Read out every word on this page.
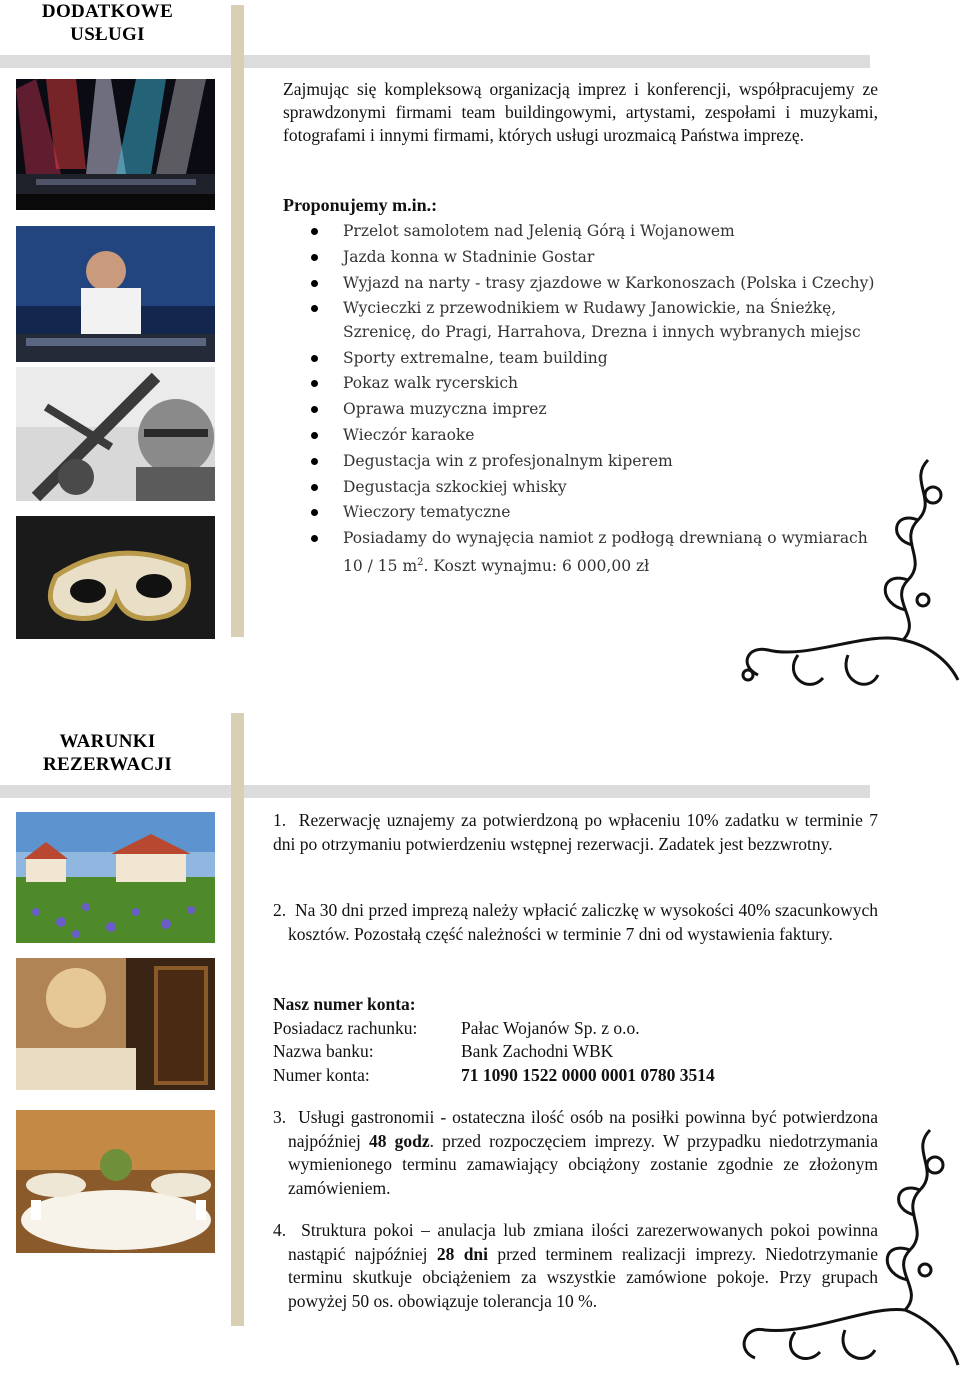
DODATKOWE
USŁUGI
Zajmując się kompleksową organizacją imprez i konferencji, współpracujemy ze sprawdzonymi firmami team buildingowymi, artystami, zespołami i muzykami, fotografami i innymi firmami, których usługi urozmaicą Państwa imprezę.
Proponujemy m.in.:
Przelot samolotem nad Jelenią Górą i Wojanowem
Jazda konna w Stadninie Gostar
Wyjazd na narty - trasy zjazdowe w Karkonoszach (Polska i Czechy)
Wycieczki z przewodnikiem w Rudawy Janowickie, na Śnieżkę, Szrenicę, do Pragi, Harrahova, Drezna i innych wybranych miejsc
Sporty extremalne, team building
Pokaz walk rycerskich
Oprawa muzyczna imprez
Wieczór karaoke
Degustacja win z profesjonalnym kiperem
Degustacja szkockiej whisky
Wieczory tematyczne
Posiadamy do wynajęcia namiot z podłogą drewnianą o wymiarach 10 / 15 $m^2$. Koszt wynajmu: 6 000,00 zł
WARUNKI
REZERWACJI
1. Rezerwację uznajemy za potwierdzoną po wpłaceniu 10% zadatku w terminie 7 dni po otrzymaniu potwierdzeniu wstępnej rezerwacji. Zadatek jest bezzwrotny.
2. Na 30 dni przed imprezą należy wpłacić zaliczkę w wysokości 40% szacunkowych kosztów. Pozostałą część należności w terminie 7 dni od wystawienia faktury.
Nasz numer konta:
Posiadacz rachunku:	Pałac Wojanów Sp. z o.o.
Nazwa banku:	Bank Zachodni WBK
Numer konta:	71 1090 1522 0000 0001 0780 3514
3. Usługi gastronomii - ostateczna ilość osób na posiłki powinna być potwierdzona najpóźniej 48 godz. przed rozpoczęciem imprezy. W przypadku niedotrzymania wymienionego terminu zamawiający obciążony zostanie zgodnie ze złożonym zamówieniem.
4. Struktura pokoi – anulacja lub zmiana ilości zarezerwowanych pokoi powinna nastąpić najpóźniej 28 dni przed terminem realizacji imprezy. Niedotrzymanie terminu skutkuje obciążeniem za wszystkie zamówione pokoje. Przy grupach powyżej 50 os. obowiązuje tolerancja 10 %.
